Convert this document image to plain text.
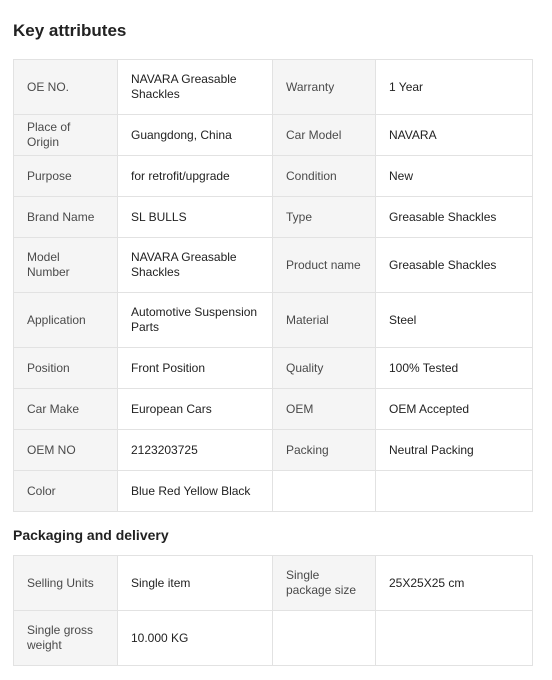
Key attributes
OE NO.	NAVARA Greasable Shackles	Warranty	1 Year
Place of Origin	Guangdong, China	Car Model	NAVARA
Purpose	for retrofit/upgrade	Condition	New
Brand Name	SL BULLS	Type	Greasable Shackles
Model Number	NAVARA Greasable Shackles	Product name	Greasable Shackles
Application	Automotive Suspension Parts	Material	Steel
Position	Front Position	Quality	100% Tested
Car Make	European Cars	OEM	OEM Accepted
OEM NO	2123203725	Packing	Neutral Packing
Color	Blue Red Yellow Black		
Packaging and delivery
Selling Units	Single item	Single package size	25X25X25 cm
Single gross weight	10.000 KG		
